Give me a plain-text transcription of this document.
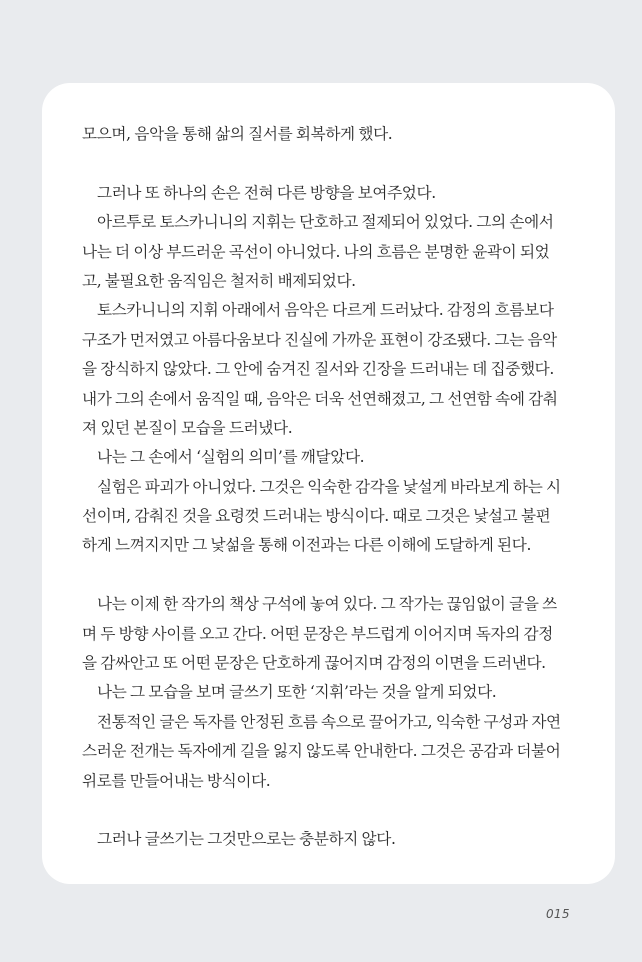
모으며, 음악을 통해 삶의 질서를 회복하게 했다.
그러나 또 하나의 손은 전혀 다른 방향을 보여주었다.
아르투로 토스카니니의 지휘는 단호하고 절제되어 있었다. 그의 손에서
나는 더 이상 부드러운 곡선이 아니었다. 나의 흐름은 분명한 윤곽이 되었
고, 불필요한 움직임은 철저히 배제되었다.
토스카니니의 지휘 아래에서 음악은 다르게 드러났다. 감정의 흐름보다
구조가 먼저였고 아름다움보다 진실에 가까운 표현이 강조됐다. 그는 음악
을 장식하지 않았다. 그 안에 숨겨진 질서와 긴장을 드러내는 데 집중했다.
내가 그의 손에서 움직일 때, 음악은 더욱 선연해졌고, 그 선연함 속에 감춰
져 있던 본질이 모습을 드러냈다.
나는 그 손에서 ‘실험의 의미’를 깨달았다.
실험은 파괴가 아니었다. 그것은 익숙한 감각을 낯설게 바라보게 하는 시
선이며, 감춰진 것을 요령껏 드러내는 방식이다. 때로 그것은 낯설고 불편
하게 느껴지지만 그 낯섦을 통해 이전과는 다른 이해에 도달하게 된다.
나는 이제 한 작가의 책상 구석에 놓여 있다. 그 작가는 끊임없이 글을 쓰
며 두 방향 사이를 오고 간다. 어떤 문장은 부드럽게 이어지며 독자의 감정
을 감싸안고 또 어떤 문장은 단호하게 끊어지며 감정의 이면을 드러낸다.
나는 그 모습을 보며 글쓰기 또한 ‘지휘’라는 것을 알게 되었다.
전통적인 글은 독자를 안정된 흐름 속으로 끌어가고, 익숙한 구성과 자연
스러운 전개는 독자에게 길을 잃지 않도록 안내한다. 그것은 공감과 더불어
위로를 만들어내는 방식이다.
그러나 글쓰기는 그것만으로는 충분하지 않다.
015
